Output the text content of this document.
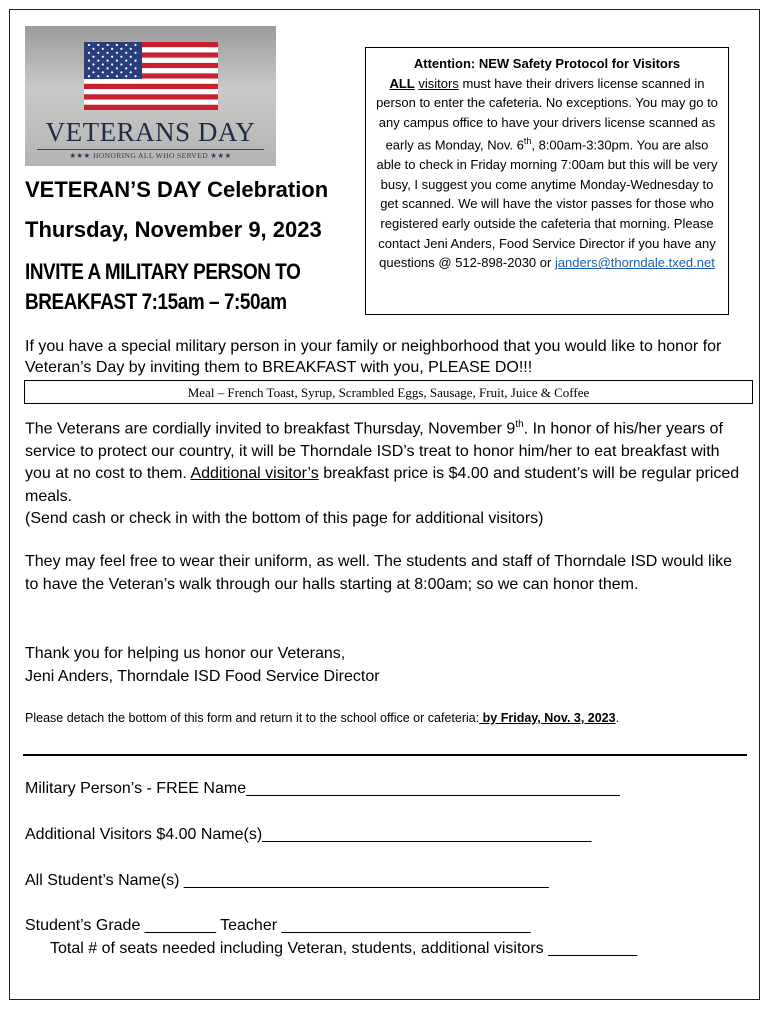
VETERANS DAY
★★★ HONORING ALL WHO SERVED ★★★
VETERAN’S DAY Celebration
Thursday, November 9, 2023
INVITE A MILITARY PERSON TO
BREAKFAST 7:15am – 7:50am
Attention: NEW Safety Protocol for Visitors
ALL visitors must have their drivers license scanned in person to enter the cafeteria. No exceptions. You may go to any campus office to have your drivers license scanned as early as Monday, Nov. 6th, 8:00am-3:30pm. You are also able to check in Friday morning 7:00am but this will be very busy, I suggest you come anytime Monday-Wednesday to get scanned. We will have the vistor passes for those who registered early outside the cafeteria that morning. Please contact Jeni Anders, Food Service Director if you have any questions @ 512-898-2030 or janders@thorndale.txed.net
If you have a special military person in your family or neighborhood that you would like to honor for Veteran’s Day by inviting them to BREAKFAST with you, PLEASE DO!!!
Meal – French Toast, Syrup, Scrambled Eggs, Sausage, Fruit, Juice & Coffee
The Veterans are cordially invited to breakfast Thursday, November 9th. In honor of his/her years of service to protect our country, it will be Thorndale ISD’s treat to honor him/her to eat breakfast with you at no cost to them. Additional visitor’s breakfast price is $4.00 and student’s will be regular priced meals.
(Send cash or check in with the bottom of this page for additional visitors)
They may feel free to wear their uniform, as well. The students and staff of Thorndale ISD would like to have the Veteran’s walk through our halls starting at 8:00am; so we can honor them.
Thank you for helping us honor our Veterans,
Jeni Anders, Thorndale ISD Food Service Director
Please detach the bottom of this form and return it to the school office or cafeteria: by Friday, Nov. 3, 2023.
Military Person’s - FREE Name__________________________________________
Additional Visitors $4.00 Name(s)_____________________________________
All Student’s Name(s) _________________________________________
Student’s Grade ________ Teacher ____________________________
Total # of seats needed including Veteran, students, additional visitors __________
